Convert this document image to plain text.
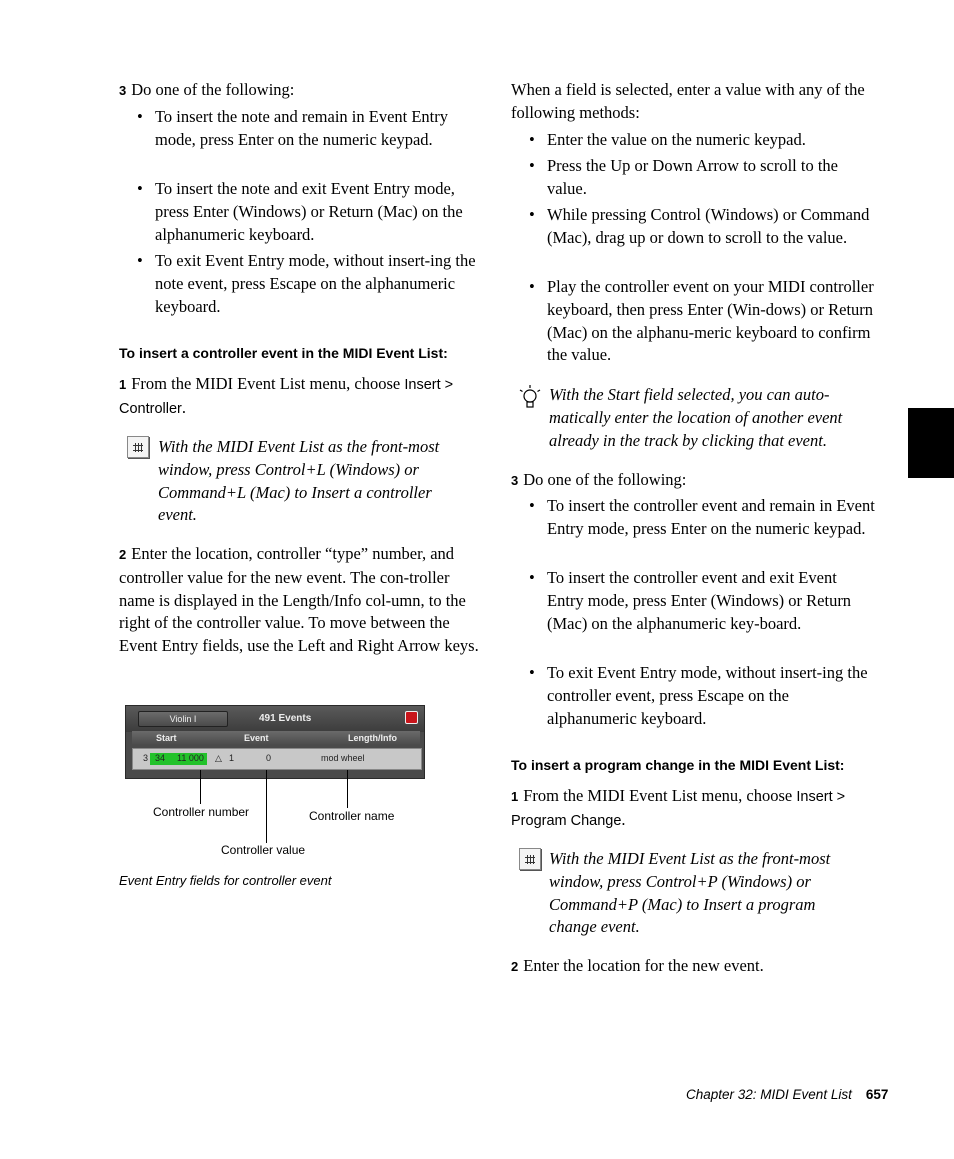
3 Do one of the following:
• To insert the note and remain in Event Entry mode, press Enter on the numeric keypad.
• To insert the note and exit Event Entry mode, press Enter (Windows) or Return (Mac) on the alphanumeric keyboard.
• To exit Event Entry mode, without insert-ing the note event, press Escape on the alphanumeric keyboard.
To insert a controller event in the MIDI Event List:
1 From the MIDI Event List menu, choose Insert > Controller.
With the MIDI Event List as the front-most window, press Control+L (Windows) or Command+L (Mac) to Insert a controller event.
2 Enter the location, controller “type” number, and controller value for the new event. The con-troller name is displayed in the Length/Info col-umn, to the right of the controller value. To move between the Event Entry fields, use the Left and Right Arrow keys.
Violin I	491 Events
Start	Event	Length/Info
3 34 11 000 △ 1	0	mod wheel
Controller number	Controller name
Controller value
Event Entry fields for controller event
When a field is selected, enter a value with any of the following methods:
• Enter the value on the numeric keypad.
• Press the Up or Down Arrow to scroll to the value.
• While pressing Control (Windows) or Command (Mac), drag up or down to scroll to the value.
• Play the controller event on your MIDI controller keyboard, then press Enter (Win-dows) or Return (Mac) on the alphanu-meric keyboard to confirm the value.
With the Start field selected, you can auto-matically enter the location of another event already in the track by clicking that event.
3 Do one of the following:
• To insert the controller event and remain in Event Entry mode, press Enter on the numeric keypad.
• To insert the controller event and exit Event Entry mode, press Enter (Windows) or Return (Mac) on the alphanumeric key-board.
• To exit Event Entry mode, without insert-ing the controller event, press Escape on the alphanumeric keyboard.
To insert a program change in the MIDI Event List:
1 From the MIDI Event List menu, choose Insert > Program Change.
With the MIDI Event List as the front-most window, press Control+P (Windows) or Command+P (Mac) to Insert a program change event.
2 Enter the location for the new event.
Chapter 32: MIDI Event List 657
